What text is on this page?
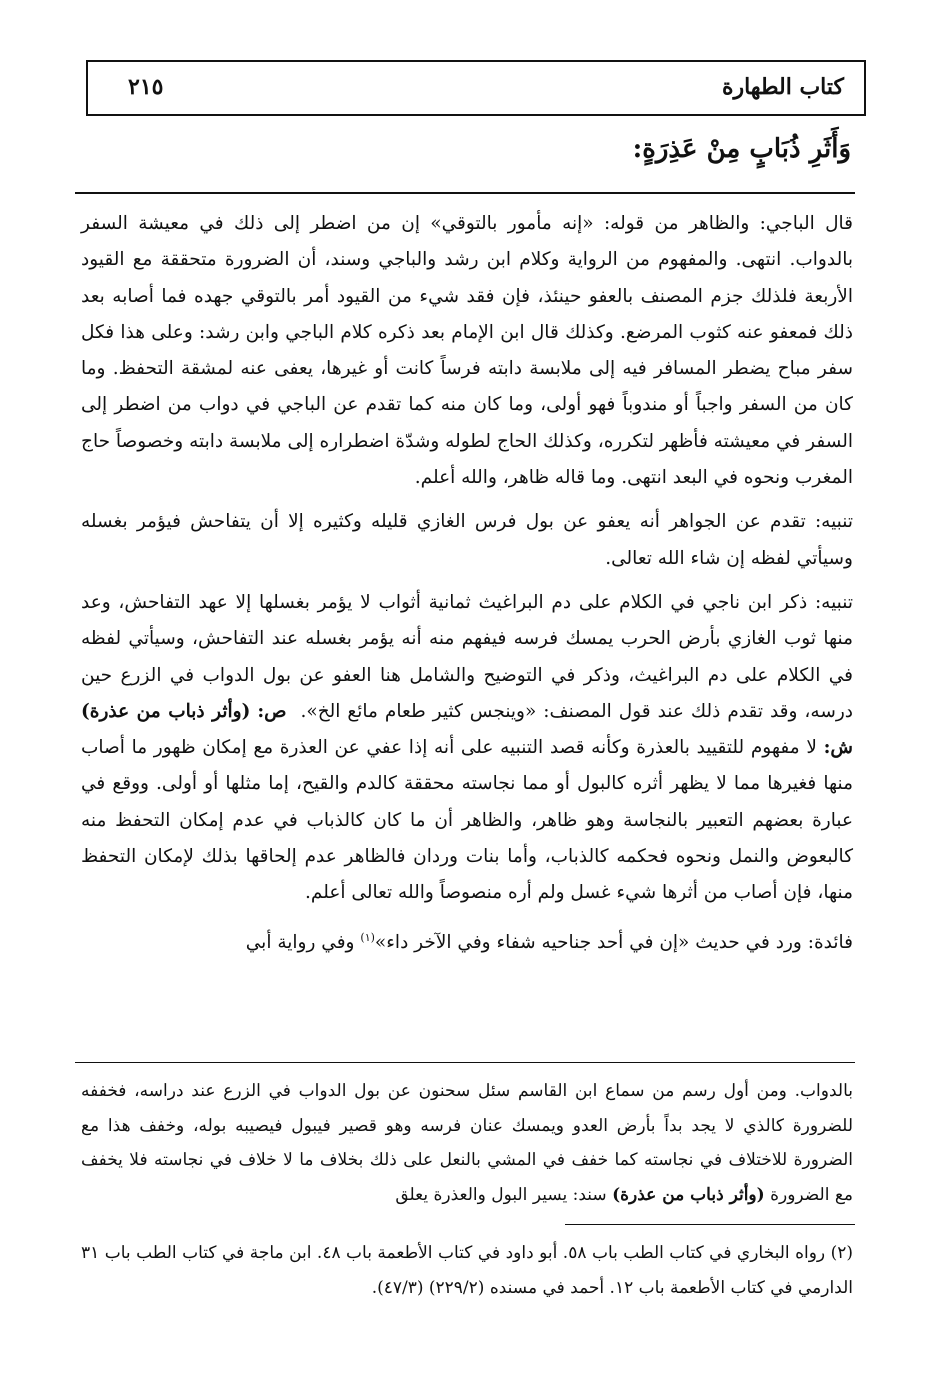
كتاب الطهارة
٢١٥
وَأَثَرِ ذُبَابٍ مِنْ عَذِرَةٍ:

قال الباجي: والظاهر من قوله: «إنه مأمور بالتوقي» إن من اضطر إلى ذلك في معيشة السفر بالدواب. انتهى. والمفهوم من الرواية وكلام ابن رشد والباجي وسند، أن الضرورة متحققة مع القيود الأربعة فلذلك جزم المصنف بالعفو حينئذ، فإن فقد شيء من القيود أمر بالتوقي جهده فما أصابه بعد ذلك فمعفو عنه كثوب المرضع. وكذلك قال ابن الإمام بعد ذكره كلام الباجي وابن رشد: وعلى هذا فكل سفر مباح يضطر المسافر فيه إلى ملابسة دابته فرساً كانت أو غيرها، يعفى عنه لمشقة التحفظ. وما كان من السفر واجباً أو مندوباً فهو أولى، وما كان منه كما تقدم عن الباجي في دواب من اضطر إلى السفر في معيشته فأظهر لتكرره، وكذلك الحاج لطوله وشدّة اضطراره إلى ملابسة دابته وخصوصاً حاج المغرب ونحوه في البعد انتهى. وما قاله ظاهر، والله أعلم.

تنبيه: تقدم عن الجواهر أنه يعفو عن بول فرس الغازي قليله وكثيره إلا أن يتفاحش فيؤمر بغسله وسيأتي لفظه إن شاء الله تعالى.

تنبيه: ذكر ابن ناجي في الكلام على دم البراغيث ثمانية أثواب لا يؤمر بغسلها إلا عهد التفاحش، وعد منها ثوب الغازي بأرض الحرب يمسك فرسه فيفهم منه أنه يؤمر بغسله عند التفاحش، وسيأتي لفظه في الكلام على دم البراغيث، وذكر في التوضيح والشامل هنا العفو عن بول الدواب في الزرع حين درسه، وقد تقدم ذلك عند قول المصنف: «وينجس كثير طعام مائع الخ».  ص: (وأثر ذباب من عذرة) ش: لا مفهوم للتقييد بالعذرة وكأنه قصد التنبيه على أنه إذا عفي عن العذرة مع إمكان ظهور ما أصاب منها فغيرها مما لا يظهر أثره كالبول أو مما نجاسته محققة كالدم والقيح، إما مثلها أو أولى. ووقع في عبارة بعضهم التعبير بالنجاسة وهو ظاهر، والظاهر أن ما كان كالذباب في عدم إمكان التحفظ منه كالبعوض والنمل ونحوه فحكمه كالذباب، وأما بنات وردان فالظاهر عدم إلحاقها بذلك لإمكان التحفظ منها، فإن أصاب من أثرها شيء غسل ولم أره منصوصاً والله تعالى أعلم.

فائدة: ورد في حديث «إن في أحد جناحيه شفاء وفي الآخر داء»$^{(١)}$ وفي رواية أبي

بالدواب. ومن أول رسم من سماع ابن القاسم سئل سحنون عن بول الدواب في الزرع عند دراسه، فخففه للضرورة كالذي لا يجد بداً بأرض العدو ويمسك عنان فرسه وهو قصير فيبول فيصيبه بوله، وخفف هذا مع الضرورة للاختلاف في نجاسته كما خفف في المشي بالنعل على ذلك بخلاف ما لا خلاف في نجاسته فلا يخفف مع الضرورة (وأثر ذباب من عذرة) سند: يسير البول والعذرة يعلق

(٢) رواه البخاري في كتاب الطب باب ٥٨. أبو داود في كتاب الأطعمة باب ٤٨. ابن ماجة في كتاب الطب باب ٣١ الدارمي في كتاب الأطعمة باب ١٢. أحمد في مسنده (٢٢٩/٢) (٤٧/٣).
